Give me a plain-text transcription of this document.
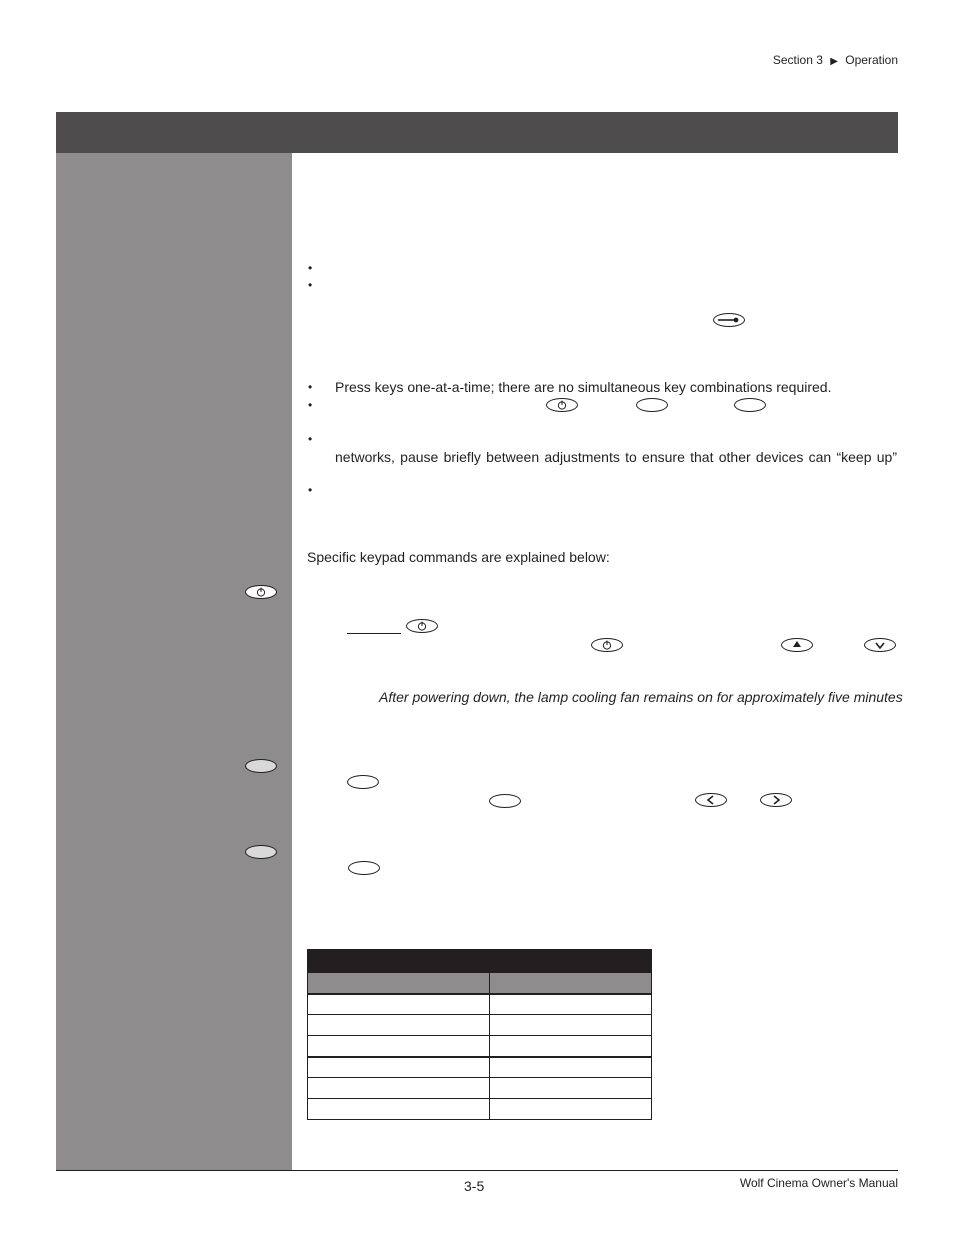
Section 3 ▶ Operation
•
•
• Press keys one-at-a-time; there are no simultaneous key combinations required.
•
•
networks, pause briefly between adjustments to ensure that other devices can “keep up”
•
Specific keypad commands are explained below:
After powering down, the lamp cooling fan remains on for approximately five minutes

3-5	Wolf Cinema Owner's Manual
